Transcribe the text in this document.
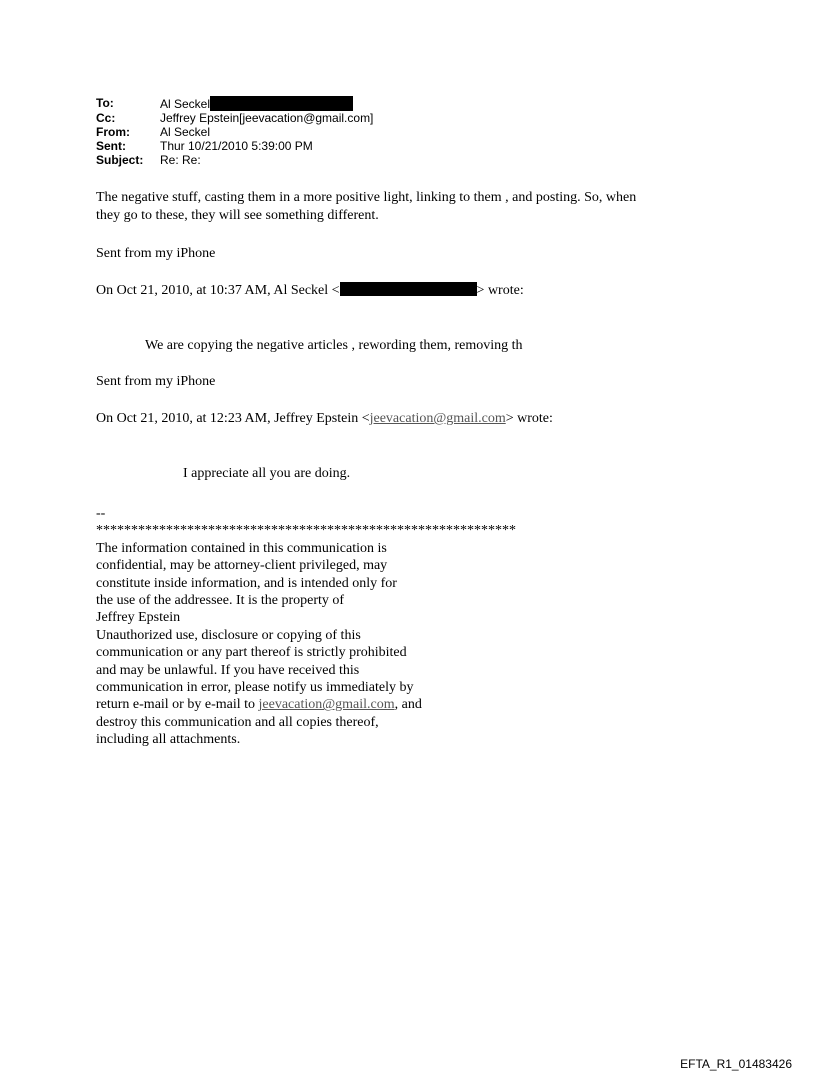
To:	Al Seckel
Cc:	Jeffrey Epstein[jeevacation@gmail.com]
From:	Al Seckel
Sent:	Thur 10/21/2010 5:39:00 PM
Subject:	Re: Re:
The negative stuff, casting them in a more positive light, linking to them , and posting. So, when
they go to these, they will see something different.
Sent from my iPhone
On Oct 21, 2010, at 10:37 AM, Al Seckel <	> wrote:
We are copying the negative articles , rewording them, removing th
Sent from my iPhone
On Oct 21, 2010, at 12:23 AM, Jeffrey Epstein <jeevacation@gmail.com> wrote:
I appreciate all you are doing.
--
************************************************************
The information contained in this communication is
confidential, may be attorney-client privileged, may
constitute inside information, and is intended only for
the use of the addressee. It is the property of
Jeffrey Epstein
Unauthorized use, disclosure or copying of this
communication or any part thereof is strictly prohibited
and may be unlawful. If you have received this
communication in error, please notify us immediately by
return e-mail or by e-mail to jeevacation@gmail.com, and
destroy this communication and all copies thereof,
including all attachments.
EFTA_R1_01483426
